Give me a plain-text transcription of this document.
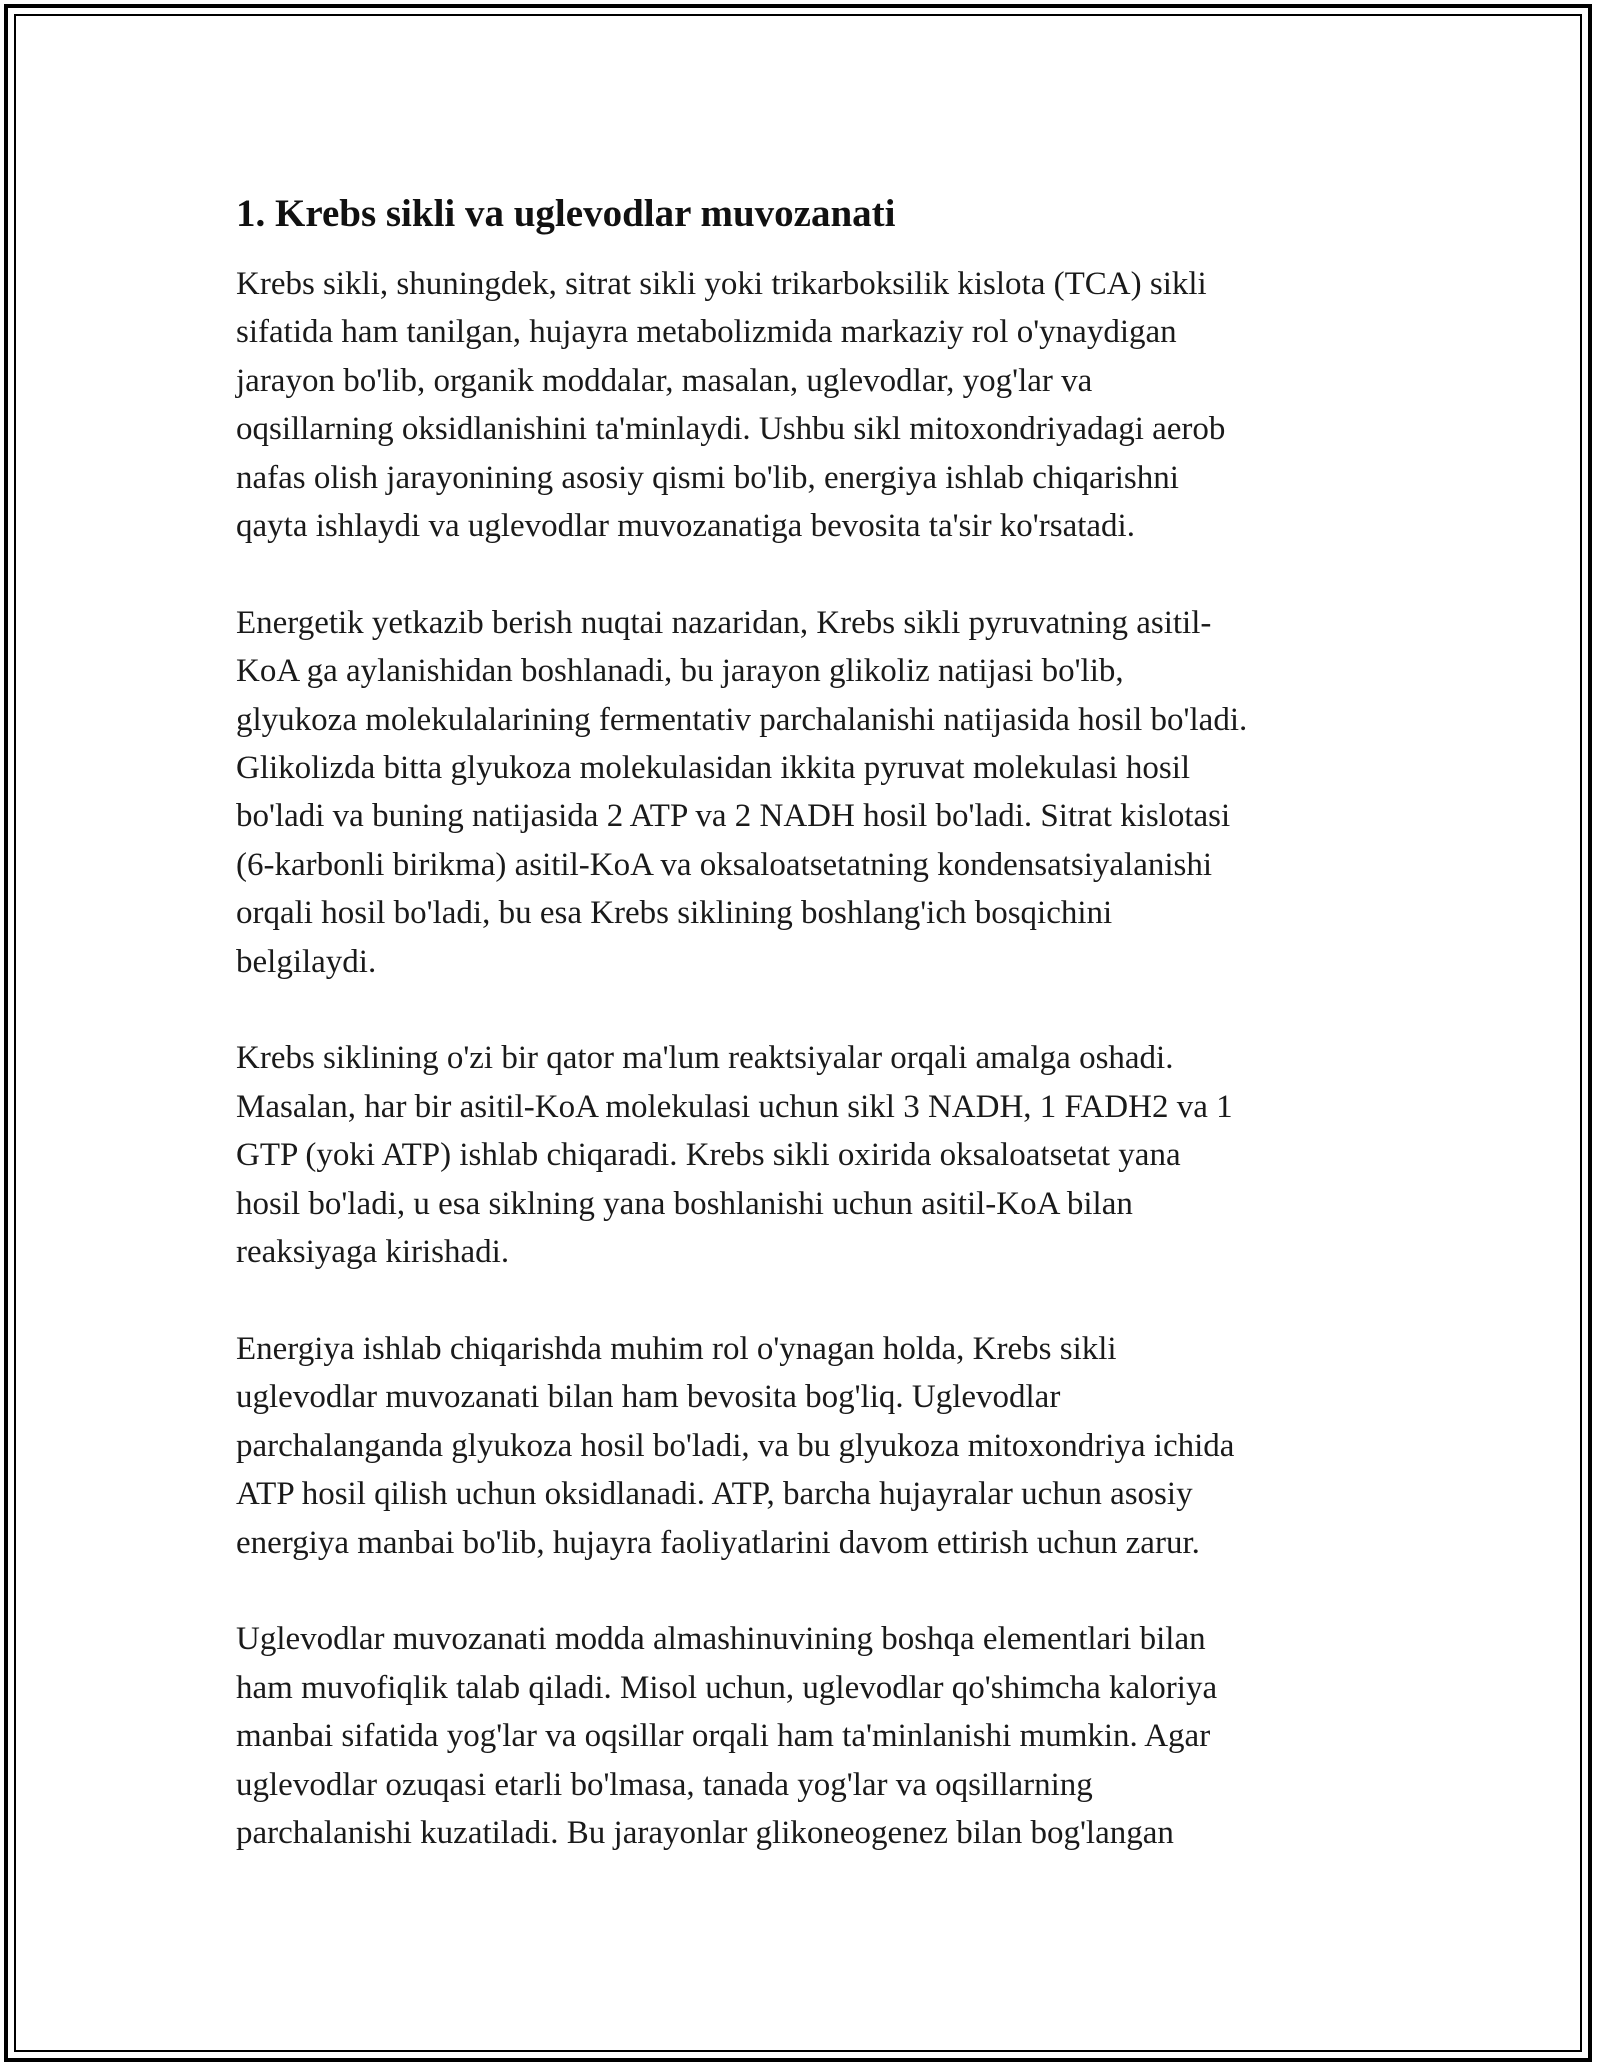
1. Krebs sikli va uglevodlar muvozanati

Krebs sikli, shuningdek, sitrat sikli yoki trikarboksilik kislota (TCA) sikli
sifatida ham tanilgan, hujayra metabolizmida markaziy rol o'ynaydigan
jarayon bo'lib, organik moddalar, masalan, uglevodlar, yog'lar va
oqsillarning oksidlanishini ta'minlaydi. Ushbu sikl mitoxondriyadagi aerob
nafas olish jarayonining asosiy qismi bo'lib, energiya ishlab chiqarishni
qayta ishlaydi va uglevodlar muvozanatiga bevosita ta'sir ko'rsatadi.

Energetik yetkazib berish nuqtai nazaridan, Krebs sikli pyruvatning asitil-
KoA ga aylanishidan boshlanadi, bu jarayon glikoliz natijasi bo'lib,
glyukoza molekulalarining fermentativ parchalanishi natijasida hosil bo'ladi.
Glikolizda bitta glyukoza molekulasidan ikkita pyruvat molekulasi hosil
bo'ladi va buning natijasida 2 ATP va 2 NADH hosil bo'ladi. Sitrat kislotasi
(6-karbonli birikma) asitil-KoA va oksaloatsetatning kondensatsiyalanishi
orqali hosil bo'ladi, bu esa Krebs siklining boshlang'ich bosqichini
belgilaydi.

Krebs siklining o'zi bir qator ma'lum reaktsiyalar orqali amalga oshadi.
Masalan, har bir asitil-KoA molekulasi uchun sikl 3 NADH, 1 FADH2 va 1
GTP (yoki ATP) ishlab chiqaradi. Krebs sikli oxirida oksaloatsetat yana
hosil bo'ladi, u esa siklning yana boshlanishi uchun asitil-KoA bilan
reaksiyaga kirishadi.

Energiya ishlab chiqarishda muhim rol o'ynagan holda, Krebs sikli
uglevodlar muvozanati bilan ham bevosita bog'liq. Uglevodlar
parchalanganda glyukoza hosil bo'ladi, va bu glyukoza mitoxondriya ichida
ATP hosil qilish uchun oksidlanadi. ATP, barcha hujayralar uchun asosiy
energiya manbai bo'lib, hujayra faoliyatlarini davom ettirish uchun zarur.

Uglevodlar muvozanati modda almashinuvining boshqa elementlari bilan
ham muvofiqlik talab qiladi. Misol uchun, uglevodlar qo'shimcha kaloriya
manbai sifatida yog'lar va oqsillar orqali ham ta'minlanishi mumkin. Agar
uglevodlar ozuqasi etarli bo'lmasa, tanada yog'lar va oqsillarning
parchalanishi kuzatiladi. Bu jarayonlar glikoneogenez bilan bog'langan
